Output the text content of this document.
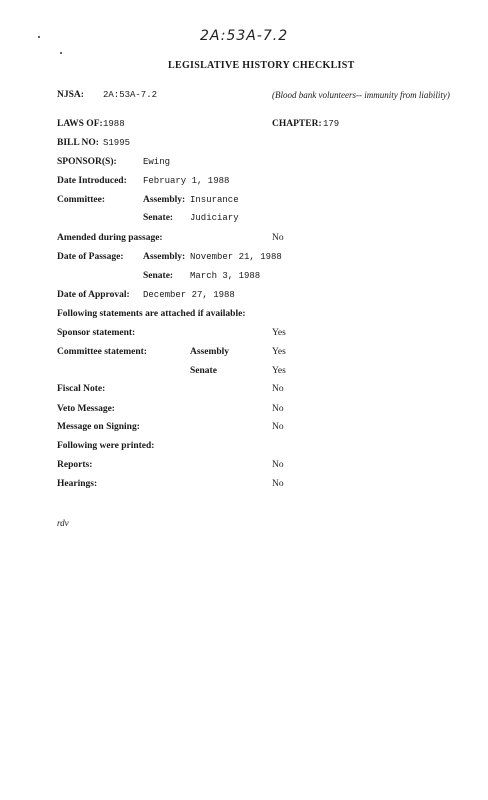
2A:53A-7.2
LEGISLATIVE HISTORY CHECKLIST
NJSA: 2A:53A-7.2	(Blood bank volunteers-- immunity from liability)
LAWS OF: 1988	CHAPTER: 179
BILL NO: S1995
SPONSOR(S):	Ewing
Date Introduced: February 1, 1988
Committee:	Assembly: Insurance
Senate: Judiciary
Amended during passage:	No
Date of Passage: Assembly: November 21, 1988
Senate: March 3, 1988
Date of Approval: December 27, 1988
Following statements are attached if available:
Sponsor statement:	Yes
Committee statement:	Assembly	Yes
Senate	Yes
Fiscal Note:	No
Veto Message:	No
Message on Signing:	No
Following were printed:
Reports:	No
Hearings:	No
rdv
